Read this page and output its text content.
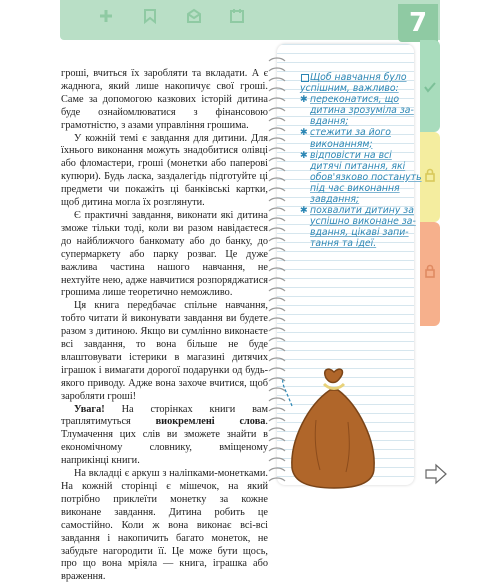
7

гроші, вчиться їх заробляти та вкладати. А є жаднюга, який лише накопичує свої гроші. Саме за допомогою казкових історій дитина буде ознайомлюватися з фінансовою грамотністю, з азами управління грошима.

У кожній темі є завдання для дитини. Для їхнього виконання можуть знадобитися олівці або фломастери, гроші (монетки або паперові купюри). Будь ласка, заздалегідь підготуйте ці предмети чи покажіть ці банківські картки, щоб дитина могла їх розглянути.

Є практичні завдання, виконати які дитина зможе тільки тоді, коли ви разом навідаєтеся до найближчого банкомату або до банку, до супермаркету або парку розваг. Це дуже важлива частина нашого навчання, не нехтуйте нею, адже навчитися розпоряджатися грошима лише теоретично неможливо.

Ця книга передбачає спільне навчання, тобто читати й виконувати завдання ви будете разом з дитиною. Якщо ви сумлінно виконаєте всі завдання, то вона більше не буде влаштовувати істерики в магазині дитячих іграшок і вимагати дорогої подарунки од будь-якого приводу. Адже вона захоче вчитися, щоб заробляти гроші!

Увага! На сторінках книги вам траплятимуться виокремлені слова. Тлумачення цих слів ви зможете знайти в економічному словнику, вміщеному наприкінці книги.

На вкладці є аркуш з наліпками-монетками. На кожній сторінці є мішечок, на який потрібно приклеїти монетку за кожне виконане завдання. Дитина робить це самостійно. Коли ж вона виконає всі-всі завдання і накопичить багато монеток, не забудьте нагородити її. Це може бути щось, про що вона мріяла — книга, іграшка або враження.

Щоб навчання було
успішним, важливо:
✱ переконатися, що
дитина зрозуміла за-
вдання;
✱ стежити за його
виконанням;
✱ відповісти на всі
дитячі питання, які
обов'язково постануть
під час виконання
завдання;
✱ похвалити дитину за
успішно виконане за-
вдання, цікаві запи-
тання та ідеї.
